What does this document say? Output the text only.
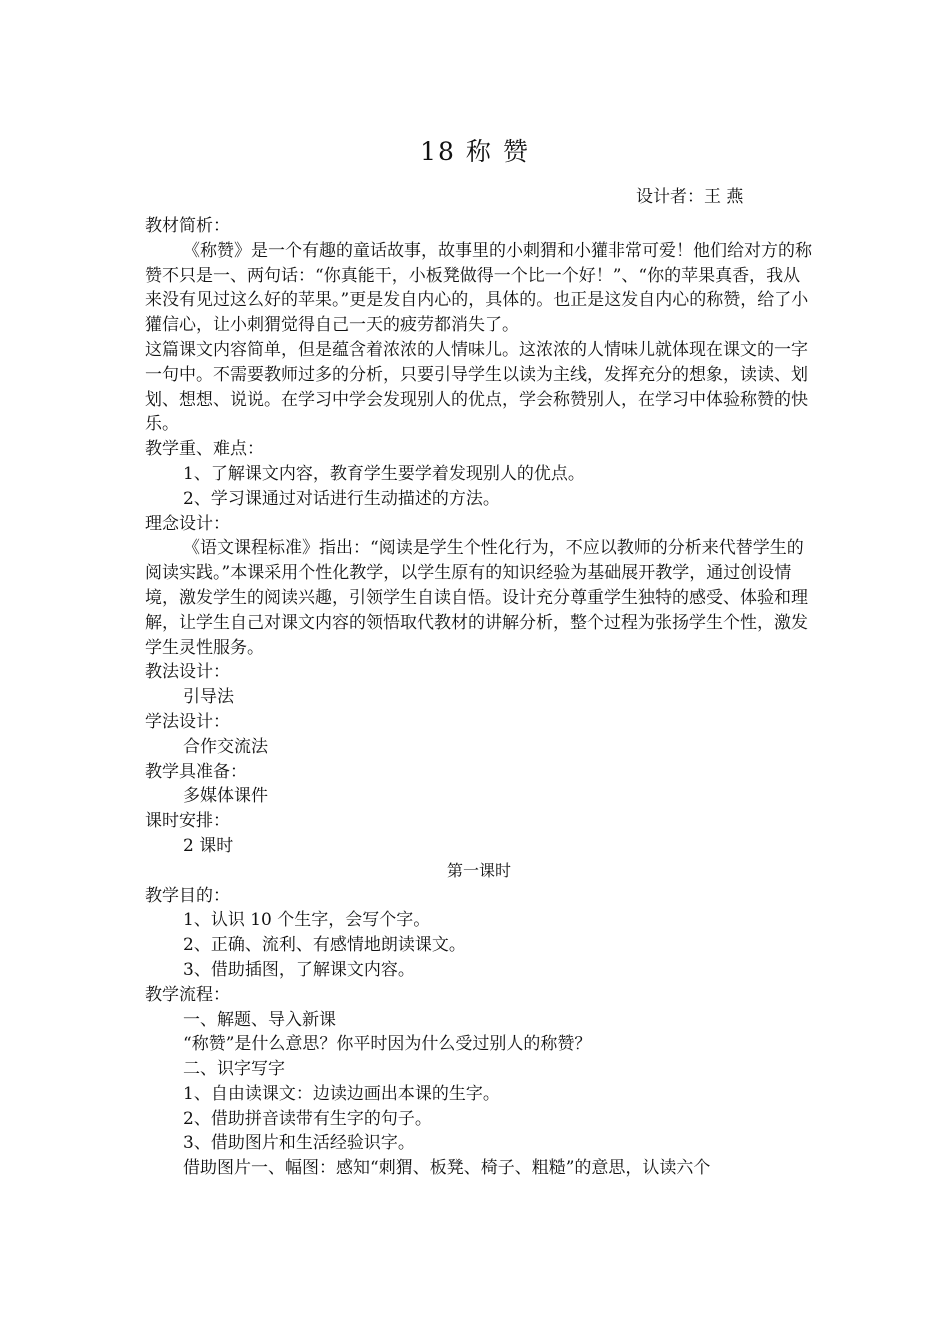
18 称 赞
设计者：王 燕

教材简析：

《称赞》是一个有趣的童话故事，故事里的小刺猬和小獾非常可爱！他们给对方的称赞不只是一、两句话：“你真能干，小板凳做得一个比一个好！”、“你的苹果真香，我从来没有见过这么好的苹果。”更是发自内心的，具体的。也正是这发自内心的称赞，给了小獾信心，让小刺猬觉得自己一天的疲劳都消失了。

这篇课文内容简单，但是蕴含着浓浓的人情味儿。这浓浓的人情味儿就体现在课文的一字一句中。不需要教师过多的分析，只要引导学生以读为主线，发挥充分的想象，读读、划划、想想、说说。在学习中学会发现别人的优点，学会称赞别人，在学习中体验称赞的快乐。

教学重、难点：

1、了解课文内容，教育学生要学着发现别人的优点。

2、学习课通过对话进行生动描述的方法。

理念设计：

《语文课程标准》指出：“阅读是学生个性化行为，不应以教师的分析来代替学生的阅读实践。”本课采用个性化教学，以学生原有的知识经验为基础展开教学，通过创设情境，激发学生的阅读兴趣，引领学生自读自悟。设计充分尊重学生独特的感受、体验和理解，让学生自己对课文内容的领悟取代教材的讲解分析，整个过程为张扬学生个性，激发学生灵性服务。

教法设计：

引导法

学法设计：

合作交流法

教学具准备：

多媒体课件

课时安排：

2 课时

第一课时

教学目的：

1、认识 10 个生字，会写个字。

2、正确、流利、有感情地朗读课文。

3、借助插图，了解课文内容。

教学流程：

一、解题、导入新课

“称赞”是什么意思？你平时因为什么受过别人的称赞？

二、识字写字

1、自由读课文：边读边画出本课的生字。

2、借助拼音读带有生字的句子。

3、借助图片和生活经验识字。

借助图片一、幅图：感知“刺猬、板凳、椅子、粗糙”的意思，认读六个
